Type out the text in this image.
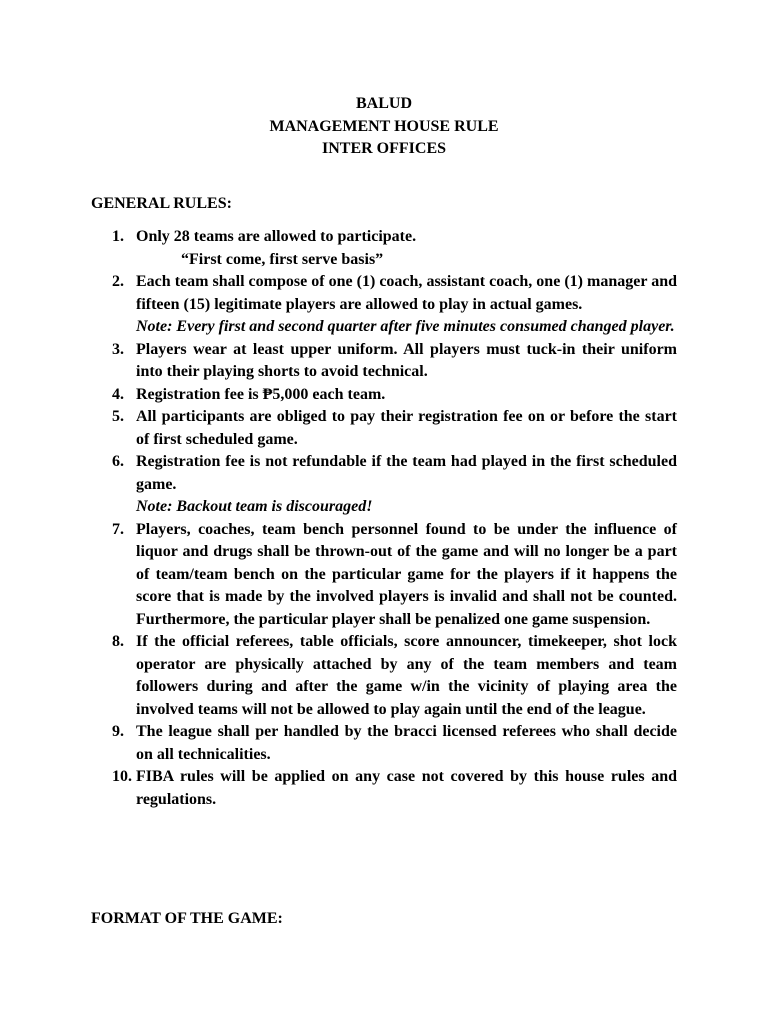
BALUD
MANAGEMENT HOUSE RULE
INTER OFFICES
GENERAL RULES:
1. Only 28 teams are allowed to participate.

“First come, first serve basis”

2. Each team shall compose of one (1) coach, assistant coach, one (1) manager and fifteen (15) legitimate players are allowed to play in actual games.

Note: Every first and second quarter after five minutes consumed changed player.

3. Players wear at least upper uniform. All players must tuck-in their uniform into their playing shorts to avoid technical.

4. Registration fee is ₱5,000 each team.

5. All participants are obliged to pay their registration fee on or before the start of first scheduled game.

6. Registration fee is not refundable if the team had played in the first scheduled game.

Note: Backout team is discouraged!

7. Players, coaches, team bench personnel found to be under the influence of liquor and drugs shall be thrown-out of the game and will no longer be a part of team/team bench on the particular game for the players if it happens the score that is made by the involved players is invalid and shall not be counted. Furthermore, the particular player shall be penalized one game suspension.

8. If the official referees, table officials, score announcer, timekeeper, shot lock operator are physically attached by any of the team members and team followers during and after the game w/in the vicinity of playing area the involved teams will not be allowed to play again until the end of the league.

9. The league shall per handled by the bracci licensed referees who shall decide on all technicalities.

10. FIBA rules will be applied on any case not covered by this house rules and regulations.

FORMAT OF THE GAME:
